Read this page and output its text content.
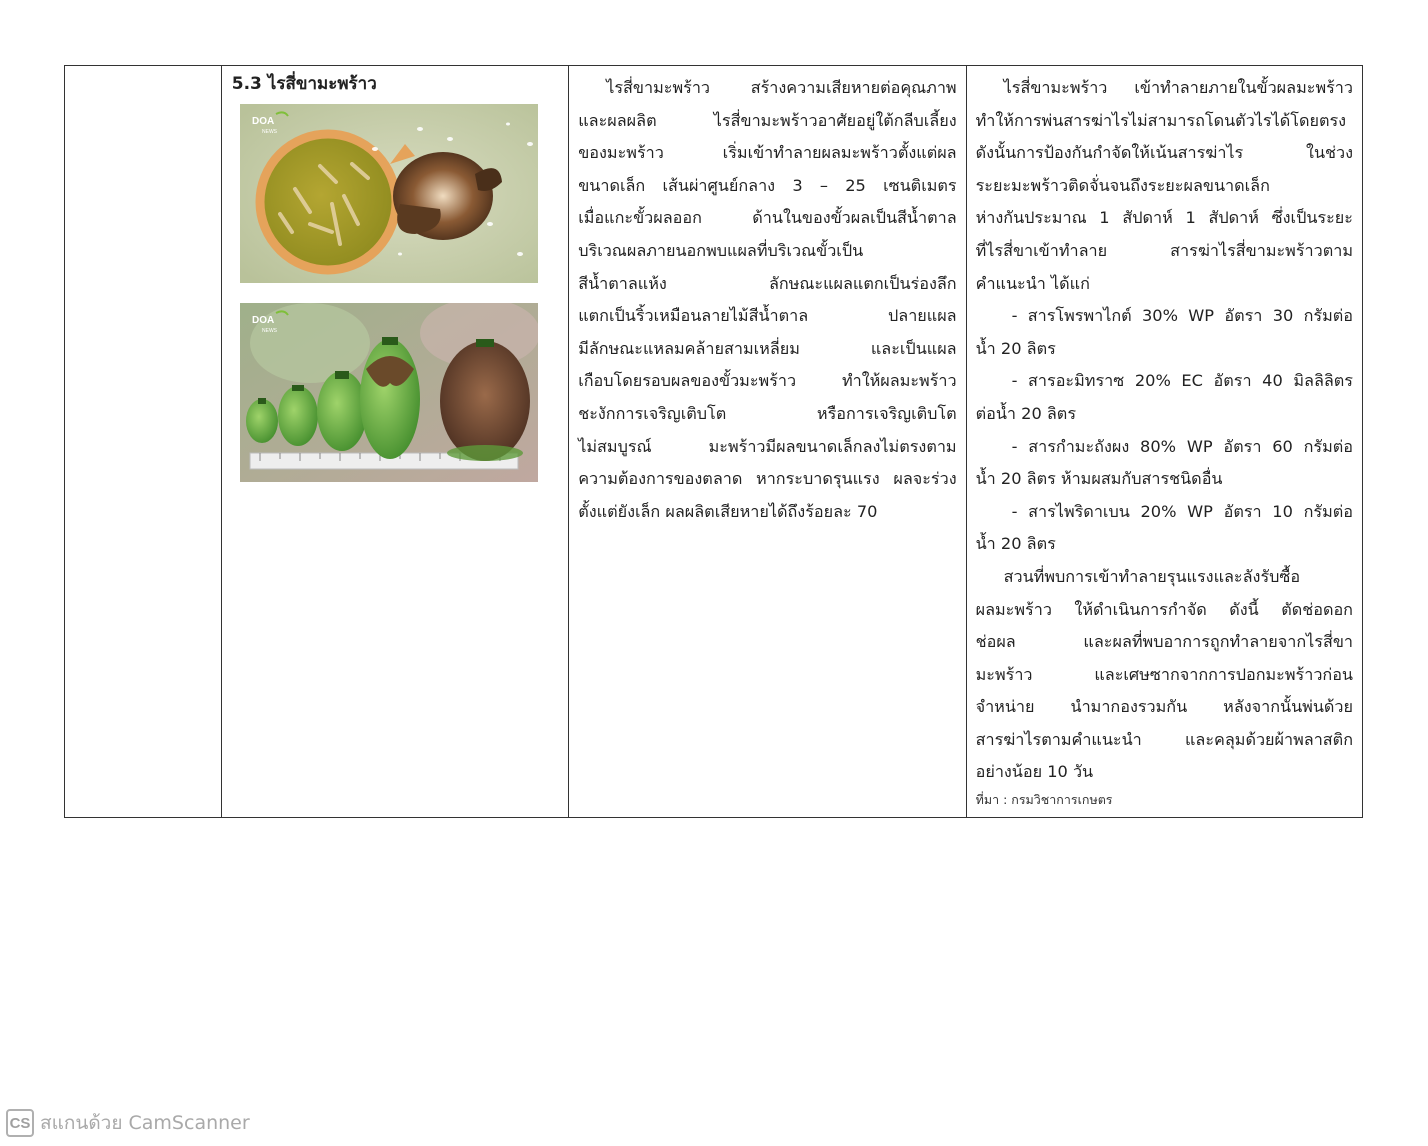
5.3 ไรสี่ขามะพร้าว
DOA
NEWS
DOA
NEWS

ไรสี่ขามะพร้าว สร้างความเสียหายต่อคุณภาพ

และผลผลิต ไรสี่ขามะพร้าวอาศัยอยู่ใต้กลีบเลี้ยง

ของมะพร้าว เริ่มเข้าทำลายผลมะพร้าวตั้งแต่ผล

ขนาดเล็ก เส้นผ่าศูนย์กลาง 3 – 25 เซนติเมตร

เมื่อแกะขั้วผลออก ด้านในของขั้วผลเป็นสีน้ำตาล

บริเวณผลภายนอกพบแผลที่บริเวณขั้วเป็น

สีน้ำตาลแห้ง ลักษณะแผลแตกเป็นร่องลึก

แตกเป็นริ้วเหมือนลายไม้สีน้ำตาล ปลายแผล

มีลักษณะแหลมคล้ายสามเหลี่ยม และเป็นแผล

เกือบโดยรอบผลของขั้วมะพร้าว ทำให้ผลมะพร้าว

ชะงักการเจริญเติบโต หรือการเจริญเติบโต

ไม่สมบูรณ์ มะพร้าวมีผลขนาดเล็กลงไม่ตรงตาม

ความต้องการของตลาด หากระบาดรุนแรง ผลจะร่วง

ตั้งแต่ยังเล็ก ผลผลิตเสียหายได้ถึงร้อยละ 70

ไรสี่ขามะพร้าว เข้าทำลายภายในขั้วผลมะพร้าว

ทำให้การพ่นสารฆ่าไรไม่สามารถโดนตัวไรได้โดยตรง

ดังนั้นการป้องกันกำจัดให้เน้นสารฆ่าไร ในช่วง

ระยะมะพร้าวติดจั่นจนถึงระยะผลขนาดเล็ก

ห่างกันประมาณ 1 สัปดาห์ 1 สัปดาห์ ซึ่งเป็นระยะ

ที่ไรสี่ขาเข้าทำลาย สารฆ่าไรสี่ขามะพร้าวตาม

คำแนะนำ ได้แก่

- สารโพรพาไกต์ 30% WP อัตรา 30 กรัมต่อ

น้ำ 20 ลิตร

- สารอะมิทราซ 20% EC อัตรา 40 มิลลิลิตร

ต่อน้ำ 20 ลิตร

- สารกำมะถังผง 80% WP อัตรา 60 กรัมต่อ

น้ำ 20 ลิตร ห้ามผสมกับสารชนิดอื่น

- สารไพริดาเบน 20% WP อัตรา 10 กรัมต่อ

น้ำ 20 ลิตร

สวนที่พบการเข้าทำลายรุนแรงและลังรับซื้อ

ผลมะพร้าว ให้ดำเนินการกำจัด ดังนี้ ตัดช่อดอก

ช่อผล และผลที่พบอาการถูกทำลายจากไรสี่ขา

มะพร้าว และเศษซากจากการปอกมะพร้าวก่อน

จำหน่าย นำมากองรวมกัน หลังจากนั้นพ่นด้วย

สารฆ่าไรตามคำแนะนำ และคลุมด้วยผ้าพลาสติก

อย่างน้อย 10 วัน

ที่มา : กรมวิชาการเกษตร
CS สแกนด้วย CamScanner
